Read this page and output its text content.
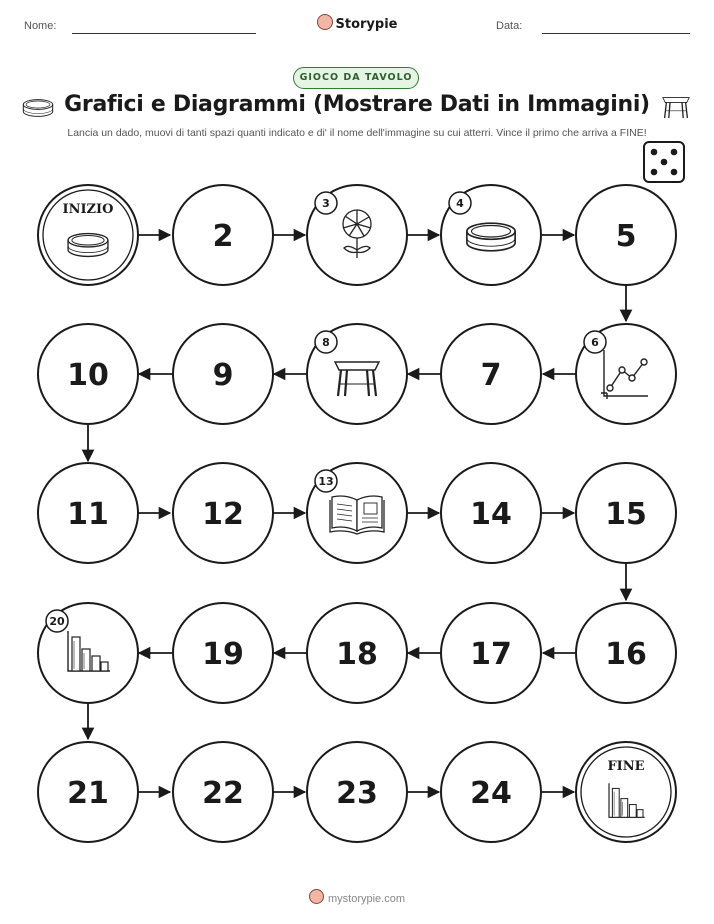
Nome:	Storypie	Data:
GIOCO DA TAVOLO
Grafici e Diagrammi (Mostrare Dati in Immagini)
Lancia un dado, muovi di tanti spazi quanti indicato e di' il nome dell'immagine su cui atterri. Vince il primo che arriva a FINE!
INIZIO
2
3	4
5
6
7
8
9
10
11	12
13
14	15
16
17
18
19
20
21	22	23	24
FINE
mystorypie.com
